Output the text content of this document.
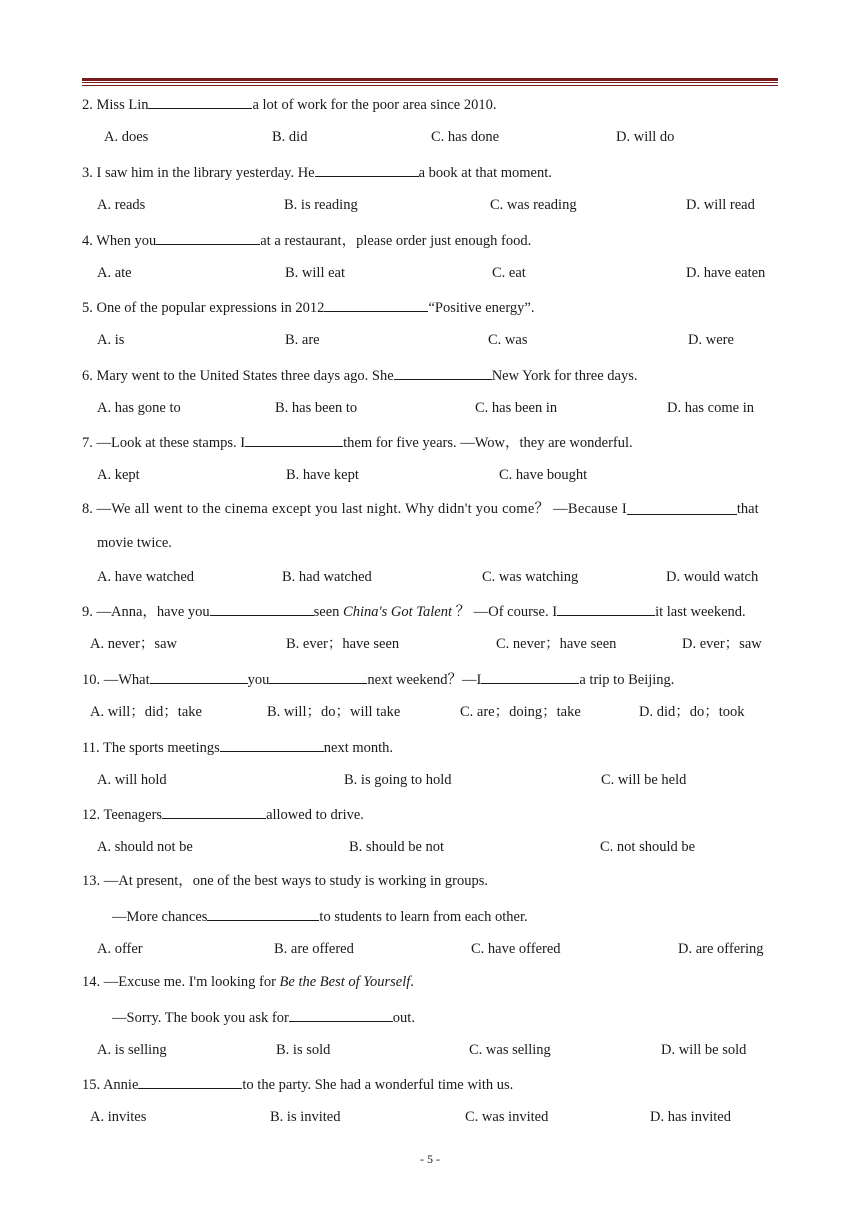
2. Miss Lin	a lot of work for the poor area since 2010.
A. does	B. did	C. has done	D. will do
3. I saw him in the library yesterday. He	a book at that moment.
A. reads	B. is reading	C. was reading	D. will read
4. When you	at a restaurant，please order just enough food.
A. ate	B. will eat	C. eat	D. have eaten
5. One of the popular expressions in 2012	“Positive energy”.
A. is	B. are	C. was	D. were
6. Mary went to the United States three days ago. She	New York for three days.
A. has gone to	B. has been to	C. has been in	D. has come in
7. —Look at these stamps. I	them for five years. —Wow，they are wonderful.
A. kept	B. have kept	C. have bought
8.
—We all went to the cinema except you last night. Why didn't you come？ —Because I	that
movie twice.
A. have watched	B. had watched	C. was watching	D. would watch
9. —Anna，have you	seen China's Got Talent ？ —Of course. I	it last weekend.
A. never；saw	B. ever；have seen	C. never；have seen	D. ever；saw
10. —What	you	next weekend？—I	a trip to Beijing.
A. will；did；take	B. will；do；will take	C. are；doing；take	D. did；do；took
11. The sports meetings	next month.
A. will hold	B. is going to hold	C. will be held
12. Teenagers	allowed to drive.
A. should not be	B. should be not	C. not should be
13. —At present，one of the best ways to study is working in groups.
—More chances	to students to learn from each other.
A. offer	B. are offered	C. have offered	D. are offering
14. —Excuse me. I'm looking for Be the Best of Yourself.
—Sorry. The book you ask for	out.
A. is selling	B. is sold	C. was selling	D. will be sold
15. Annie	to the party. She had a wonderful time with us.
A. invites	B. is invited	C. was invited	D. has invited
- 5 -
